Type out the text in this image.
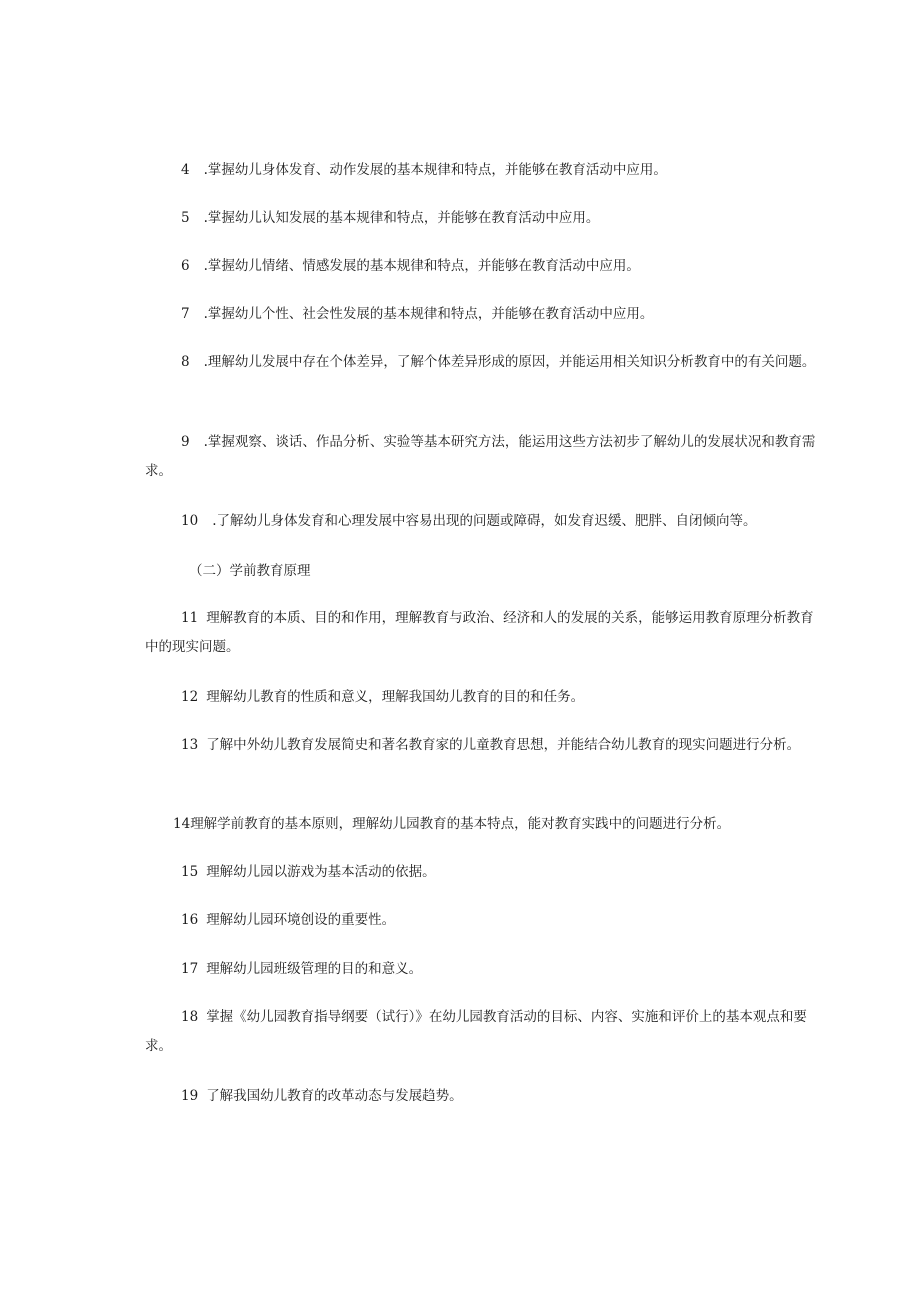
4 .掌握幼儿身体发育、动作发展的基本规律和特点，并能够在教育活动中应用。

5 .掌握幼儿认知发展的基本规律和特点，并能够在教育活动中应用。

6 .掌握幼儿情绪、情感发展的基本规律和特点，并能够在教育活动中应用。

7 .掌握幼儿个性、社会性发展的基本规律和特点，并能够在教育活动中应用。

8 .理解幼儿发展中存在个体差异，了解个体差异形成的原因，并能运用相关知识分析教育中的有关问题。

9 .掌握观察、谈话、作品分析、实验等基本研究方法，能运用这些方法初步了解幼儿的发展状况和教育需求。

10 .了解幼儿身体发育和心理发展中容易出现的问题或障碍，如发育迟缓、肥胖、自闭倾向等。

（二）学前教育原理

11 理解教育的本质、目的和作用，理解教育与政治、经济和人的发展的关系，能够运用教育原理分析教育中的现实问题。

12 理解幼儿教育的性质和意义，理解我国幼儿教育的目的和任务。

13 了解中外幼儿教育发展简史和著名教育家的儿童教育思想，并能结合幼儿教育的现实问题进行分析。

14理解学前教育的基本原则，理解幼儿园教育的基本特点，能对教育实践中的问题进行分析。

15 理解幼儿园以游戏为基本活动的依据。

16 理解幼儿园环境创设的重要性。

17 理解幼儿园班级管理的目的和意义。

18 掌握《幼儿园教育指导纲要（试行）》在幼儿园教育活动的目标、内容、实施和评价上的基本观点和要求。

19 了解我国幼儿教育的改革动态与发展趋势。
